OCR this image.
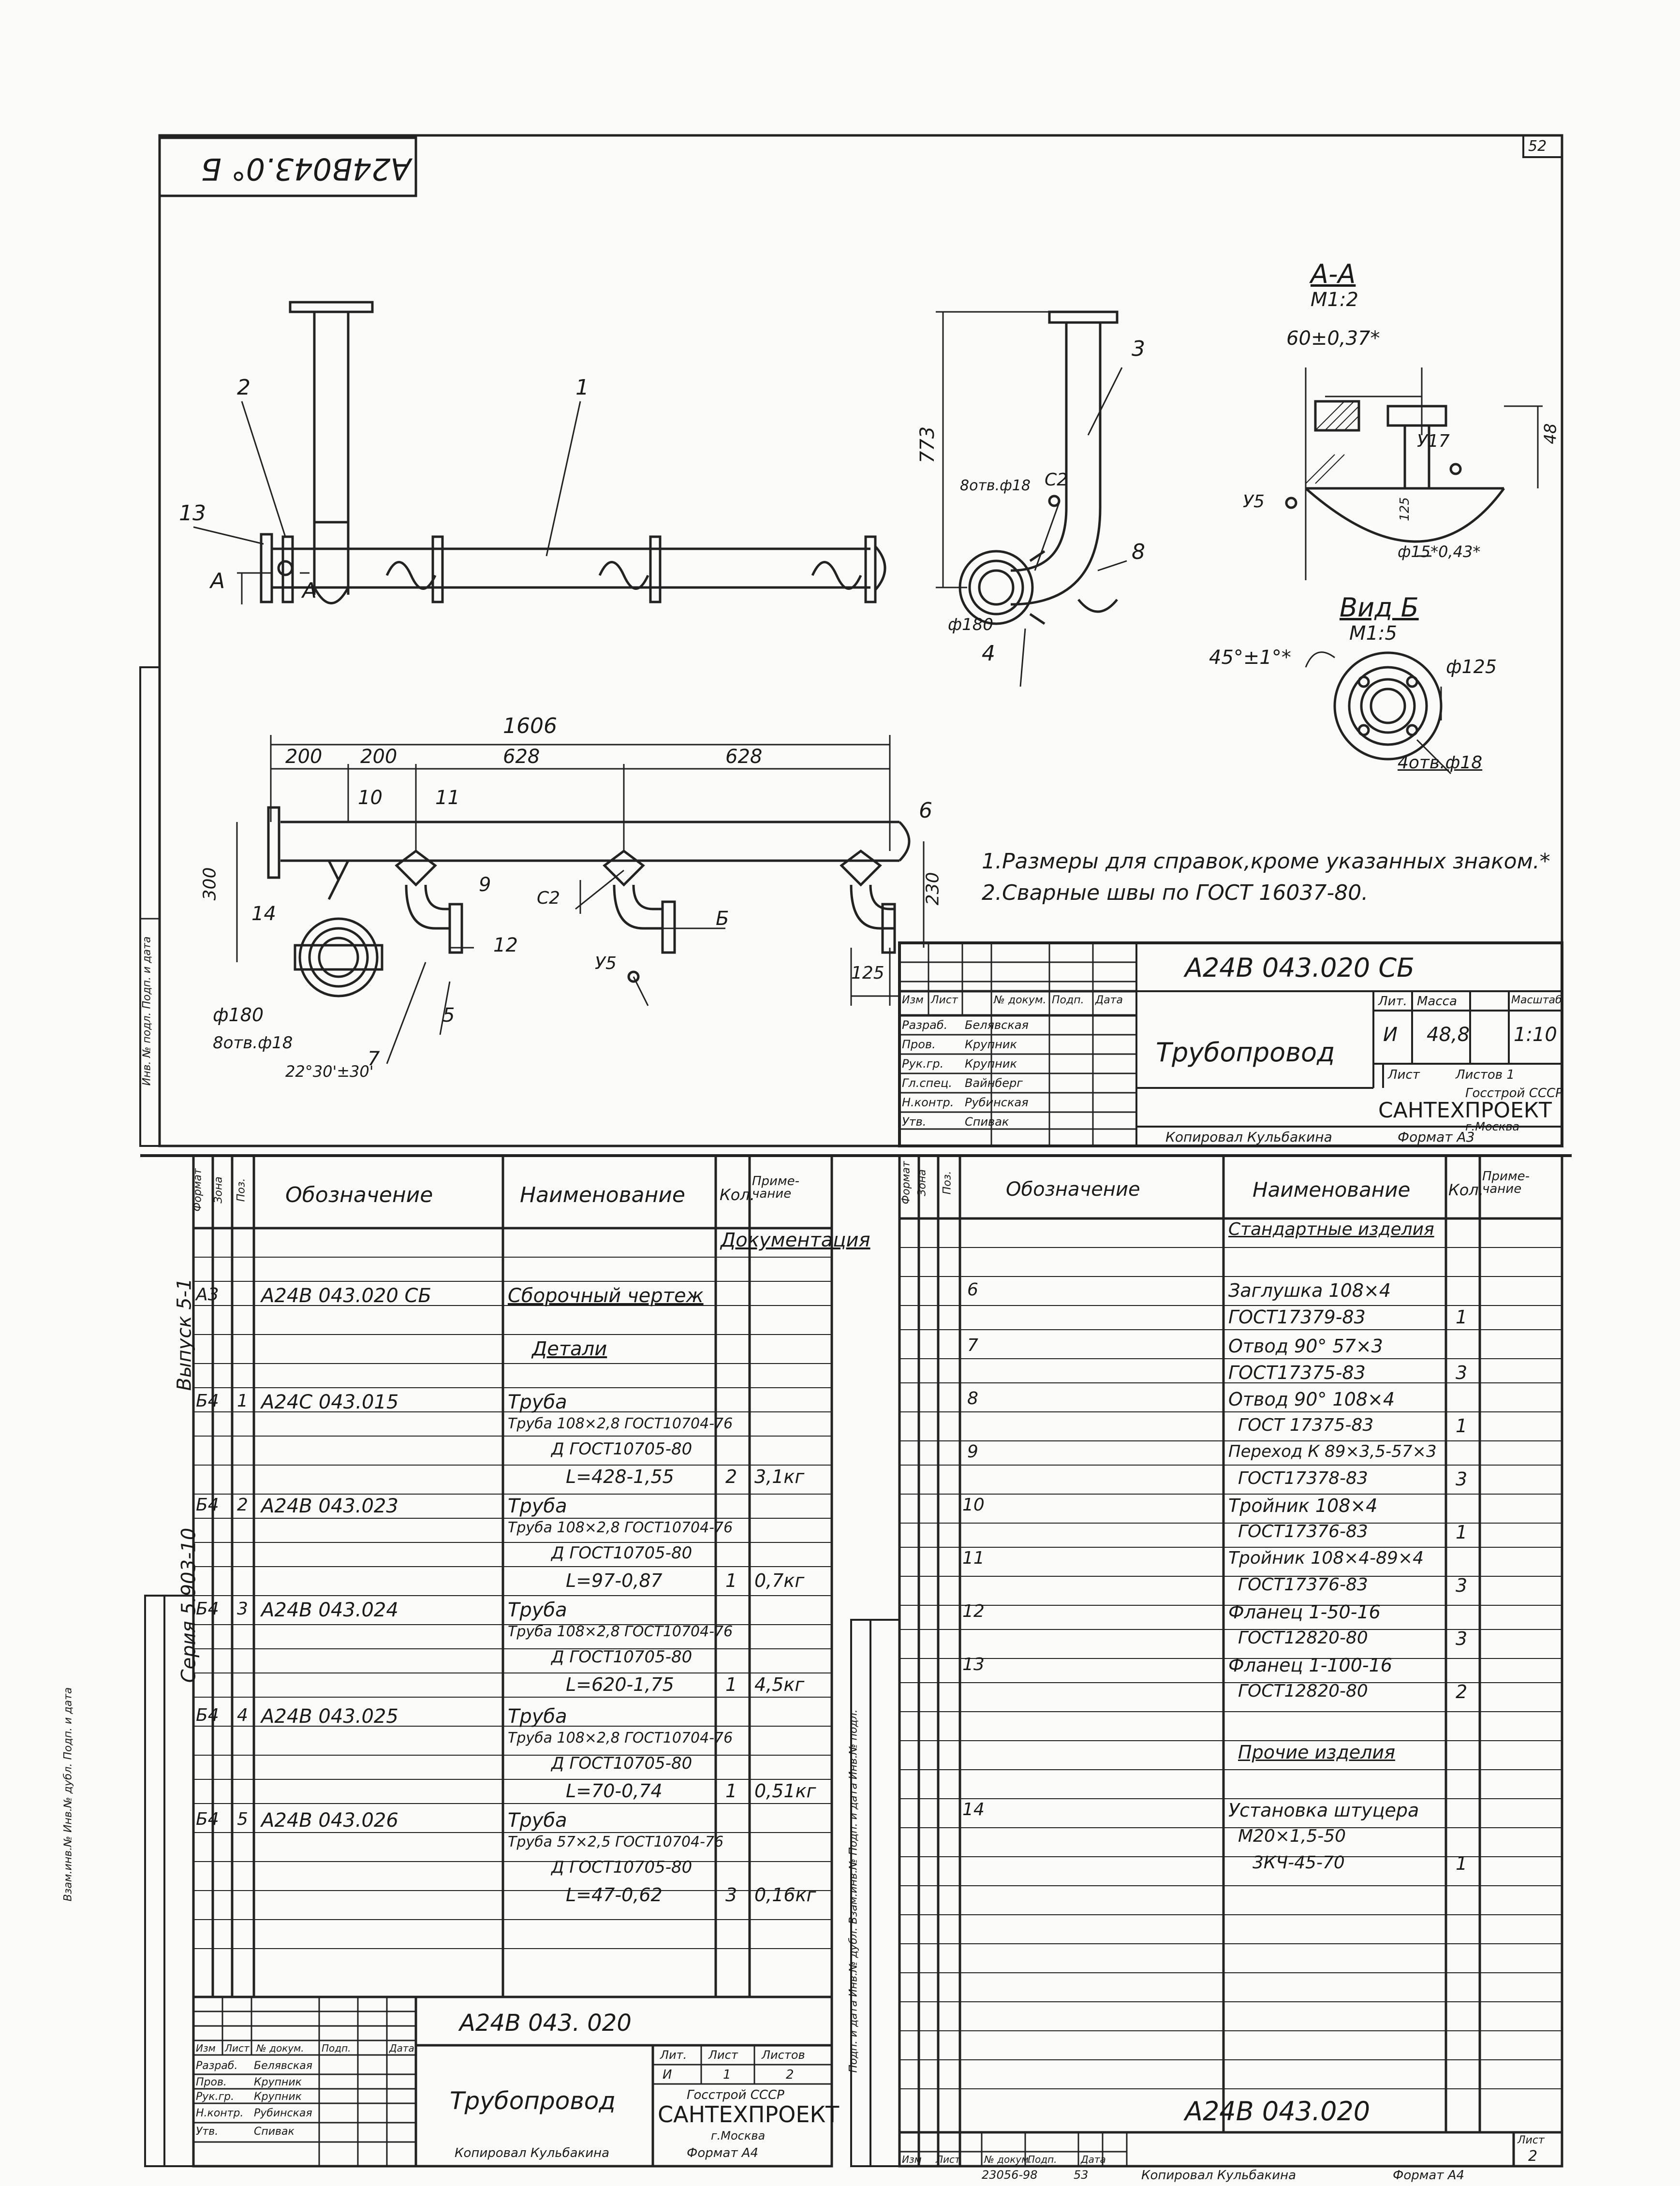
52
А24В043.0° Б
2	1
13
А	А
773
3
8отв.ф18 С2
8
ф180
4
А-А
М1:2
60±0,37*
У17
У5
48
125
ф15*0,43*
Вид Б
М1:5
45°±1°*	ф125
4отв.ф18
1606
200 200	628	628
10	11
6
9
12
5
7
14
300	230
125
С2
Б
У5
ф180
8отв.ф18
22°30'±30'
1.Размеры для справок,кроме указанных знаком.*
2.Сварные швы по ГОСТ 16037-80.
А24В 043.020 СБ
Трубопровод
Изм Лист	№ докум. Подп. Дата
Разраб. Белявская
Пров.	Крупник
Рук.гр. Крупник
Гл.спец. Вайнберг
Н.контр. Рубинская
Утв.	Спивак
Лит. Масса	Масштаб
И 48,8 1:10
Лист	Листов 1
Госстрой СССР
САНТЕХПРОЕКТ
г.Москва
Копировал Кульбакина	Формат А3
Инв. № подл. Подп. и дата
Серия 5.903-10
Выпуск 5-1
Формат Зона Поз. Обозначение	Наименование Кол.
Приме-чание
Документация
А3 А24В 043.020 СБ	Сборочный чертеж
Детали
Б4 1 А24С 043.015	Труба
Труба 108×2,8 ГОСТ10704-76
Д ГОСТ10705-80
L=428-1,55	2 3,1кг
Б4 2 А24В 043.023	Труба
Труба 108×2,8 ГОСТ10704-76
Д ГОСТ10705-80
L=97-0,87	1 0,7кг
Б4 3 А24В 043.024	Труба
Труба 108×2,8 ГОСТ10704-76
Д ГОСТ10705-80
L=620-1,75	1 4,5кг
Б4 4 А24В 043.025	Труба
Труба 108×2,8 ГОСТ10704-76
Д ГОСТ10705-80
L=70-0,74	1 0,51кг
Б4 5 А24В 043.026	Труба
Труба 57×2,5 ГОСТ10704-76
Д ГОСТ10705-80
L=47-0,62	3 0,16кг
А24В 043. 020
Трубопровод
Изм Лист № докум. Подп.	Дата
Разраб. Белявская
Пров.	Крупник
Рук.гр. Крупник
Н.контр. Рубинская
Утв.	Спивак
Лит. Лист Листов
И	1	2
Госстрой СССР
САНТЕХПРОЕКТ
г.Москва
Копировал Кульбакина	Формат А4
Формат Зона Поз.	Обозначение	Наименование Кол.
Приме-чание
Стандартные изделия
6	Заглушка 108×4
ГОСТ17379-83	1
7	Отвод 90° 57×3
ГОСТ17375-83	3
8	Отвод 90° 108×4
ГОСТ 17375-83	1
9	Переход К 89×3,5-57×3
ГОСТ17378-83	3
10	Тройник 108×4
ГОСТ17376-83	1
11	Тройник 108×4-89×4
ГОСТ17376-83	3
12	Фланец 1-50-16
ГОСТ12820-80	3
13	Фланец 1-100-16
ГОСТ12820-80	2
Прочие изделия
14	Установка штуцера
М20×1,5-50
3КЧ-45-70	1
А24В 043.020
Лист
2
Изм Лист № докум.
Подп. Дата
23056-98	53	Копировал Кульбакина	Формат А4
Взам.инв.№ Инв.№ дубл. Подп. и дата	Подп. и дата Инв.№ дубл. Взам.инв.№ Подп. и дата Инв.№ подл.
